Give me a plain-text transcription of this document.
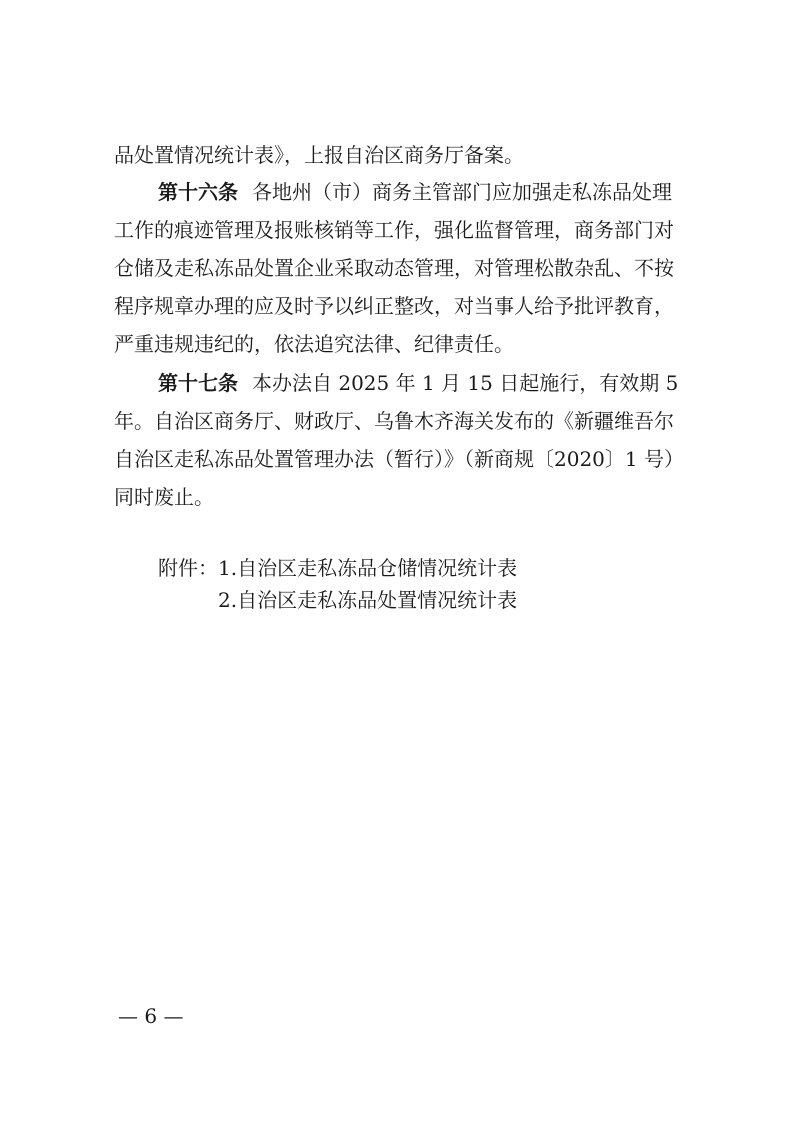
品处置情况统计表》，上报自治区商务厅备案。
第十六条 各地州（市）商务主管部门应加强走私冻品处理
工作的痕迹管理及报账核销等工作，强化监督管理，商务部门对
仓储及走私冻品处置企业采取动态管理，对管理松散杂乱、不按
程序规章办理的应及时予以纠正整改，对当事人给予批评教育，
严重违规违纪的，依法追究法律、纪律责任。
第十七条 本办法自 2025 年 1 月 15 日起施行，有效期 5
年。自治区商务厅、财政厅、乌鲁木齐海关发布的《新疆维吾尔
自治区走私冻品处置管理办法（暂行）》（新商规〔2020〕1 号）
同时废止。
附件：1.自治区走私冻品仓储情况统计表
2.自治区走私冻品处置情况统计表
— 6 —
